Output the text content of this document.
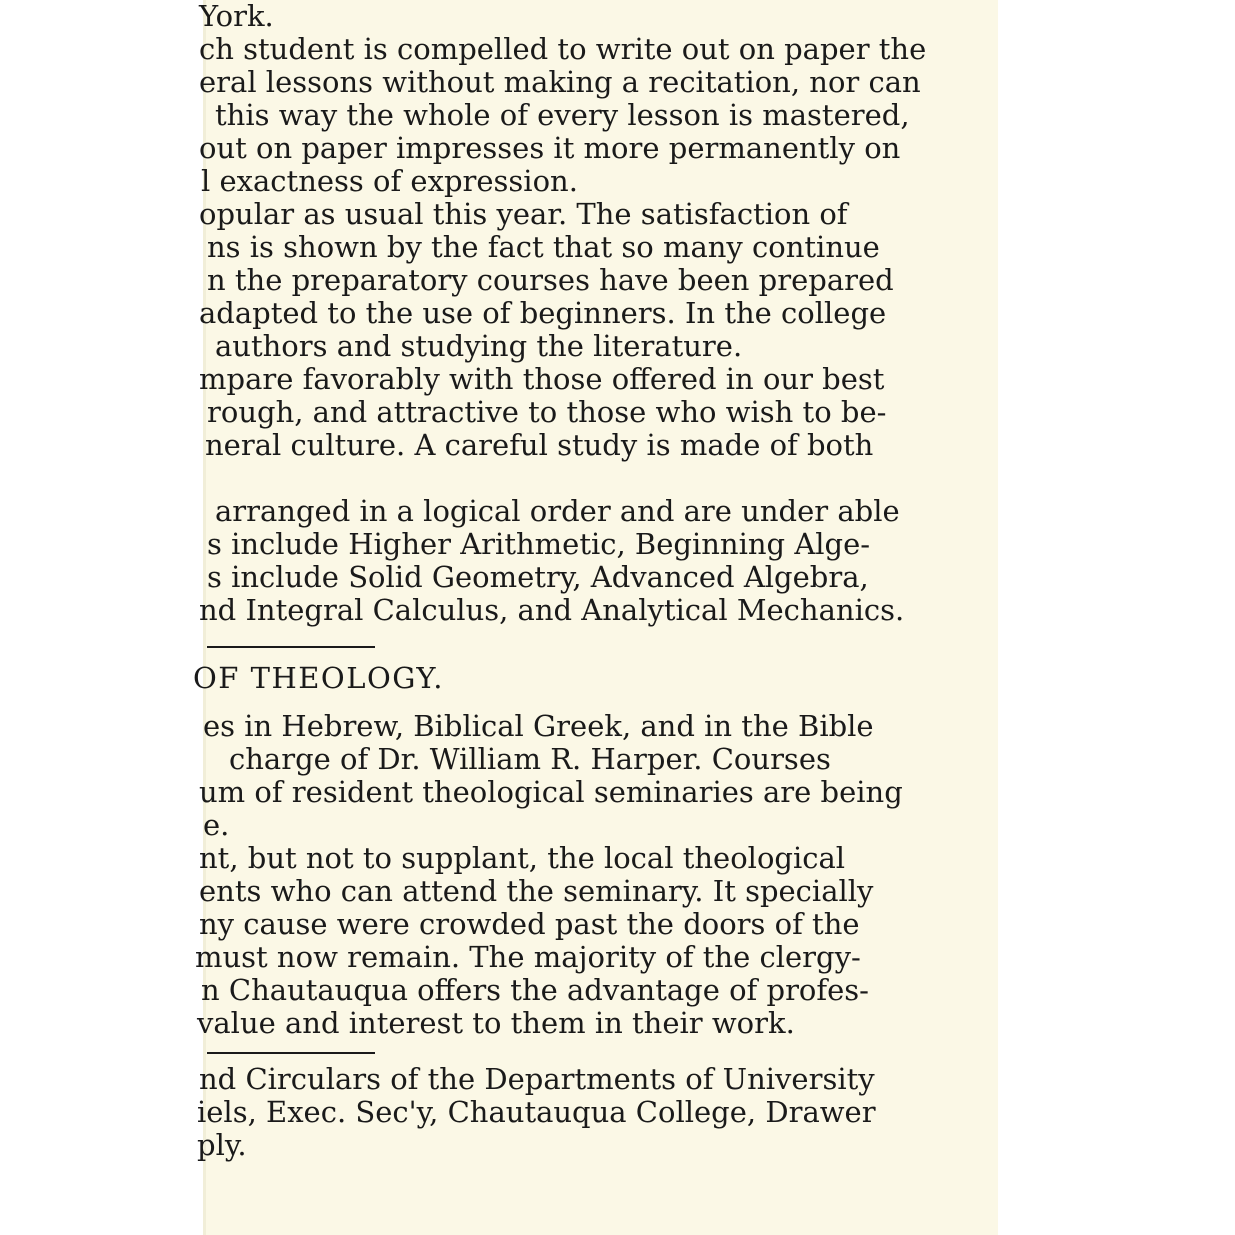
York.
ch student is compelled to write out on paper the
eral lessons without making a recitation, nor can
this way the whole of every lesson is mastered,
out on paper impresses it more permanently on
l exactness of expression.
opular as usual this year. The satisfaction of
ns is shown by the fact that so many continue
n the preparatory courses have been prepared
adapted to the use of beginners. In the college
authors and studying the literature.
mpare favorably with those offered in our best
rough, and attractive to those who wish to be-
neral culture. A careful study is made of both
arranged in a logical order and are under able
s include Higher Arithmetic, Beginning Alge-
s include Solid Geometry, Advanced Algebra,
nd Integral Calculus, and Analytical Mechanics.
OF THEOLOGY.
es in Hebrew, Biblical Greek, and in the Bible
charge of Dr. William R. Harper. Courses
um of resident theological seminaries are being
e.
nt, but not to supplant, the local theological
ents who can attend the seminary. It specially
ny cause were crowded past the doors of the
must now remain. The majority of the clergy-
n Chautauqua offers the advantage of profes-
value and interest to them in their work.
nd Circulars of the Departments of University
iels, Exec. Sec'y, Chautauqua College, Drawer
ply.
